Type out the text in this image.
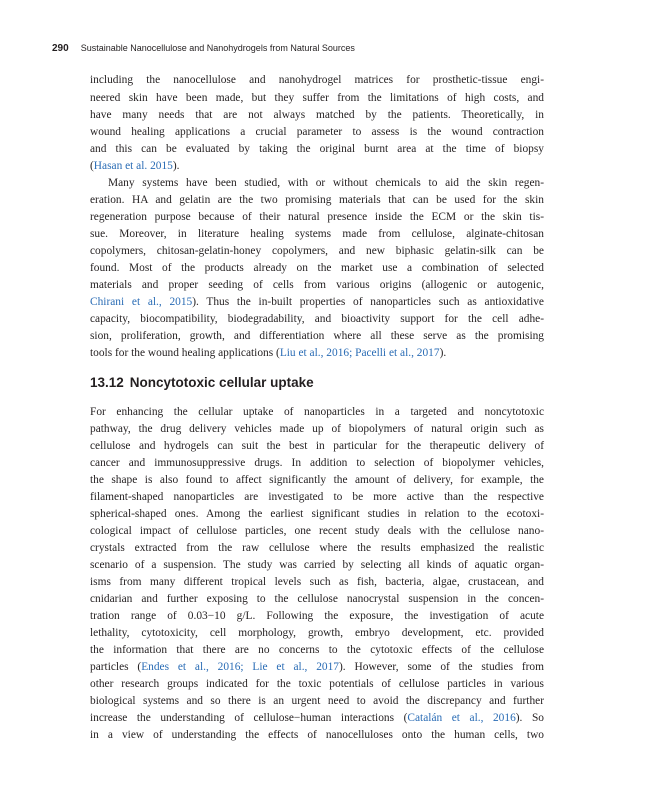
290 Sustainable Nanocellulose and Nanohydrogels from Natural Sources

including the nanocellulose and nanohydrogel matrices for prosthetic-tissue engi-

neered skin have been made, but they suffer from the limitations of high costs, and

have many needs that are not always matched by the patients. Theoretically, in

wound healing applications a crucial parameter to assess is the wound contraction

and this can be evaluated by taking the original burnt area at the time of biopsy

(Hasan et al. 2015).

Many systems have been studied, with or without chemicals to aid the skin regen-

eration. HA and gelatin are the two promising materials that can be used for the skin

regeneration purpose because of their natural presence inside the ECM or the skin tis-

sue. Moreover, in literature healing systems made from cellulose, alginate-chitosan

copolymers, chitosan-gelatin-honey copolymers, and new biphasic gelatin-silk can be

found. Most of the products already on the market use a combination of selected

materials and proper seeding of cells from various origins (allogenic or autogenic,

Chirani et al., 2015). Thus the in-built properties of nanoparticles such as antioxidative

capacity, biocompatibility, biodegradability, and bioactivity support for the cell adhe-

sion, proliferation, growth, and differentiation where all these serve as the promising

tools for the wound healing applications (Liu et al., 2016; Pacelli et al., 2017).

13.12 Noncytotoxic cellular uptake

For enhancing the cellular uptake of nanoparticles in a targeted and noncytotoxic

pathway, the drug delivery vehicles made up of biopolymers of natural origin such as

cellulose and hydrogels can suit the best in particular for the therapeutic delivery of

cancer and immunosuppressive drugs. In addition to selection of biopolymer vehicles,

the shape is also found to affect significantly the amount of delivery, for example, the

filament-shaped nanoparticles are investigated to be more active than the respective

spherical-shaped ones. Among the earliest significant studies in relation to the ecotoxi-

cological impact of cellulose particles, one recent study deals with the cellulose nano-

crystals extracted from the raw cellulose where the results emphasized the realistic

scenario of a suspension. The study was carried by selecting all kinds of aquatic organ-

isms from many different tropical levels such as fish, bacteria, algae, crustacean, and

cnidarian and further exposing to the cellulose nanocrystal suspension in the concen-

tration range of 0.03−10 g/L. Following the exposure, the investigation of acute

lethality, cytotoxicity, cell morphology, growth, embryo development, etc. provided

the information that there are no concerns to the cytotoxic effects of the cellulose

particles (Endes et al., 2016; Lie et al., 2017). However, some of the studies from

other research groups indicated for the toxic potentials of cellulose particles in various

biological systems and so there is an urgent need to avoid the discrepancy and further

increase the understanding of cellulose−human interactions (Catalán et al., 2016). So

in a view of understanding the effects of nanocelluloses onto the human cells, two
